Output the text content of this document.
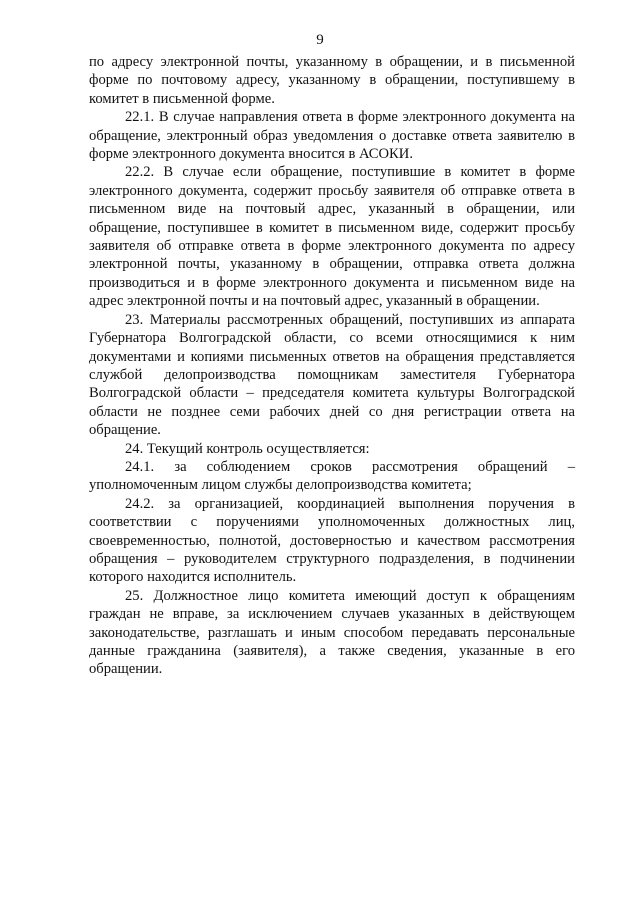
9

по адресу электронной почты, указанному в обращении, и в письменной форме по почтовому адресу, указанному в обращении, поступившему в комитет в письменной форме.

22.1. В случае направления ответа в форме электронного документа на обращение, электронный образ уведомления о доставке ответа заявителю в форме электронного документа вносится в АСОКИ.

22.2. В случае если обращение, поступившие в комитет в форме электронного документа, содержит просьбу заявителя об отправке ответа в письменном виде на почтовый адрес, указанный в обращении, или обращение, поступившее в комитет в письменном виде, содержит просьбу заявителя об отправке ответа в форме электронного документа по адресу электронной почты, указанному в обращении, отправка ответа должна производиться и в форме электронного документа и письменном виде на адрес электронной почты и на почтовый адрес, указанный в обращении.

23. Материалы рассмотренных обращений, поступивших из аппарата Губернатора Волгоградской области, со всеми относящимися к ним документами и копиями письменных ответов на обращения представляется службой делопроизводства помощникам заместителя Губернатора Волгоградской области – председателя комитета культуры Волгоградской области не позднее семи рабочих дней со дня регистрации ответа на обращение.

24. Текущий контроль осуществляется:

24.1. за соблюдением сроков рассмотрения обращений – уполномоченным лицом службы делопроизводства комитета;

24.2. за организацией, координацией выполнения поручения в соответствии с поручениями уполномоченных должностных лиц, своевременностью, полнотой, достоверностью и качеством рассмотрения обращения – руководителем структурного подразделения, в подчинении которого находится исполнитель.

25. Должностное лицо комитета имеющий доступ к обращениям граждан не вправе, за исключением случаев указанных в действующем законодательстве, разглашать и иным способом передавать персональные данные гражданина (заявителя), а также сведения, указанные в его обращении.
